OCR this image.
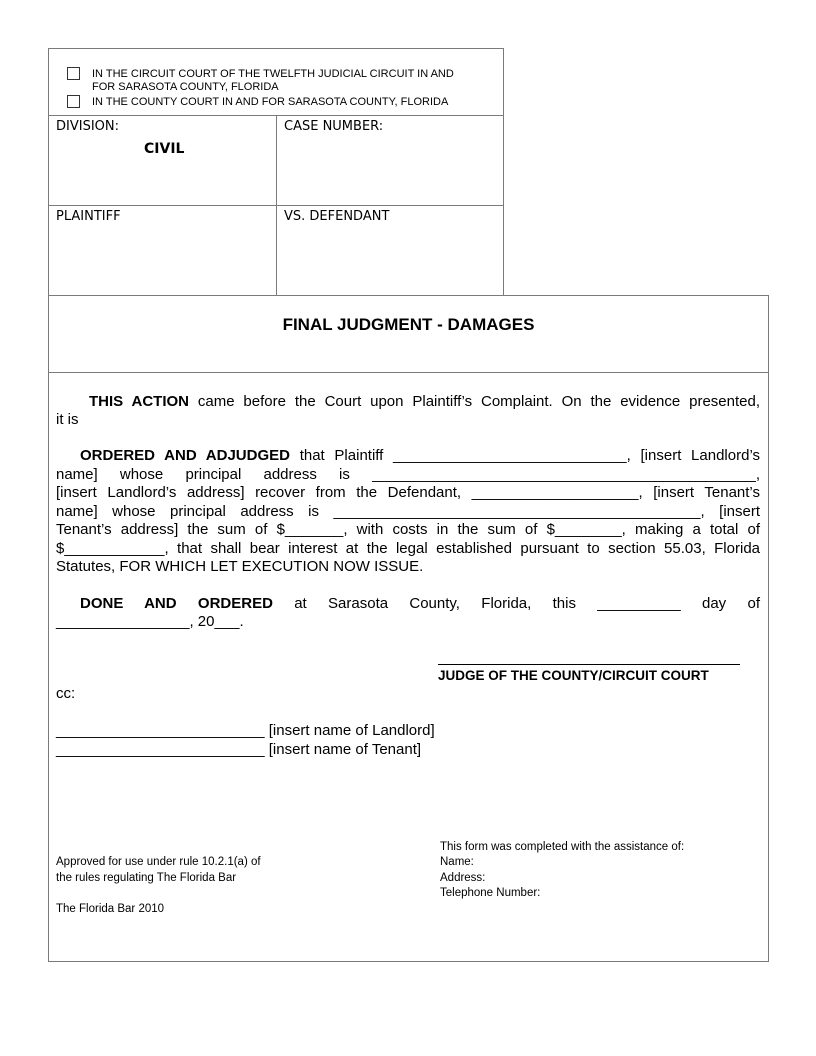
IN THE CIRCUIT COURT OF THE TWELFTH JUDICIAL CIRCUIT IN AND
FOR SARASOTA COUNTY, FLORIDA
IN THE COUNTY COURT IN AND FOR SARASOTA COUNTY, FLORIDA
DIVISION:
CIVIL
CASE NUMBER:
PLAINTIFF	VS. DEFENDANT
FINAL JUDGMENT - DAMAGES
THIS ACTION came before the Court upon Plaintiff’s Complaint. On the evidence presented,
it is
ORDERED AND ADJUDGED that Plaintiff ____________________________, [insert Landlord’s
name] whose principal address is ______________________________________________,
[insert Landlord’s address] recover from the Defendant, ____________________, [insert Tenant’s
name] whose principal address is ____________________________________________, [insert
Tenant’s address] the sum of $_______, with costs in the sum of $________, making a total of
$____________, that shall bear interest at the legal established pursuant to section 55.03, Florida
Statutes, FOR WHICH LET EXECUTION NOW ISSUE.
DONE AND ORDERED at Sarasota County, Florida, this __________ day of
________________, 20___.
JUDGE OF THE COUNTY/CIRCUIT COURT
cc:
_________________________ [insert name of Landlord]
_________________________ [insert name of Tenant]
Approved for use under rule 10.2.1(a) of
the rules regulating The Florida Bar
The Florida Bar 2010
This form was completed with the assistance of:
Name:
Address:
Telephone Number:
